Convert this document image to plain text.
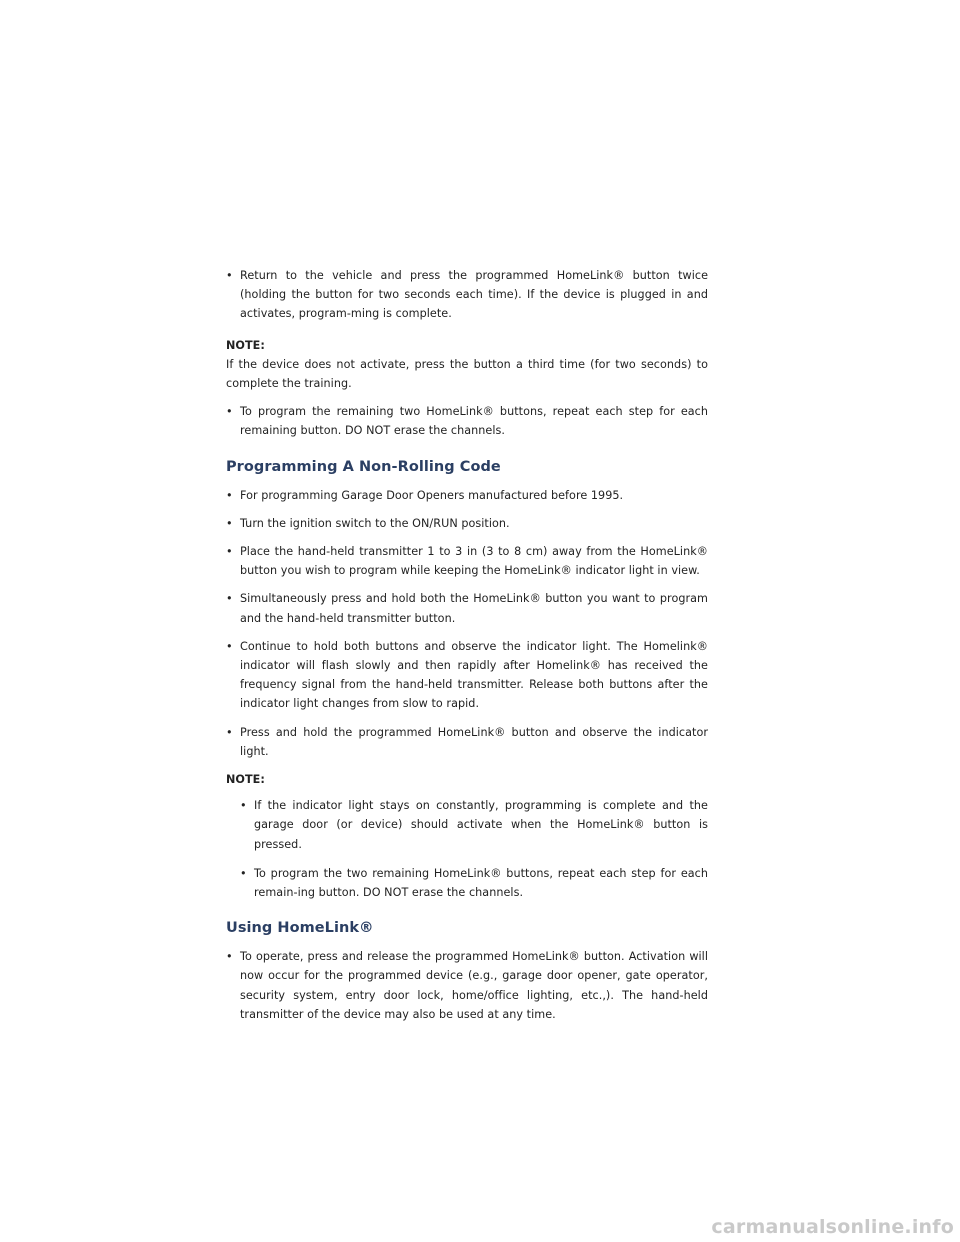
• Return to the vehicle and press the programmed HomeLink® button twice (holding the button for two seconds each time). If the device is plugged in and activates, program-ming is complete.
NOTE:
If the device does not activate, press the button a third time (for two seconds) to complete the training.
• To program the remaining two HomeLink® buttons, repeat each step for each remaining button. DO NOT erase the channels.
Programming A Non-Rolling Code
• For programming Garage Door Openers manufactured before 1995.
• Turn the ignition switch to the ON/RUN position.
• Place the hand-held transmitter 1 to 3 in (3 to 8 cm) away from the HomeLink® button you wish to program while keeping the HomeLink® indicator light in view.
• Simultaneously press and hold both the HomeLink® button you want to program and the hand-held transmitter button.
• Continue to hold both buttons and observe the indicator light. The Homelink® indicator will flash slowly and then rapidly after Homelink® has received the frequency signal from the hand-held transmitter. Release both buttons after the indicator light changes from slow to rapid.
• Press and hold the programmed HomeLink® button and observe the indicator light.
NOTE:
• If the indicator light stays on constantly, programming is complete and the garage door (or device) should activate when the HomeLink® button is pressed.
• To program the two remaining HomeLink® buttons, repeat each step for each remain-ing button. DO NOT erase the channels.
Using HomeLink®
• To operate, press and release the programmed HomeLink® button. Activation will now occur for the programmed device (e.g., garage door opener, gate operator, security system, entry door lock, home/office lighting, etc.,). The hand-held transmitter of the device may also be used at any time.
carmanualsonline.info
